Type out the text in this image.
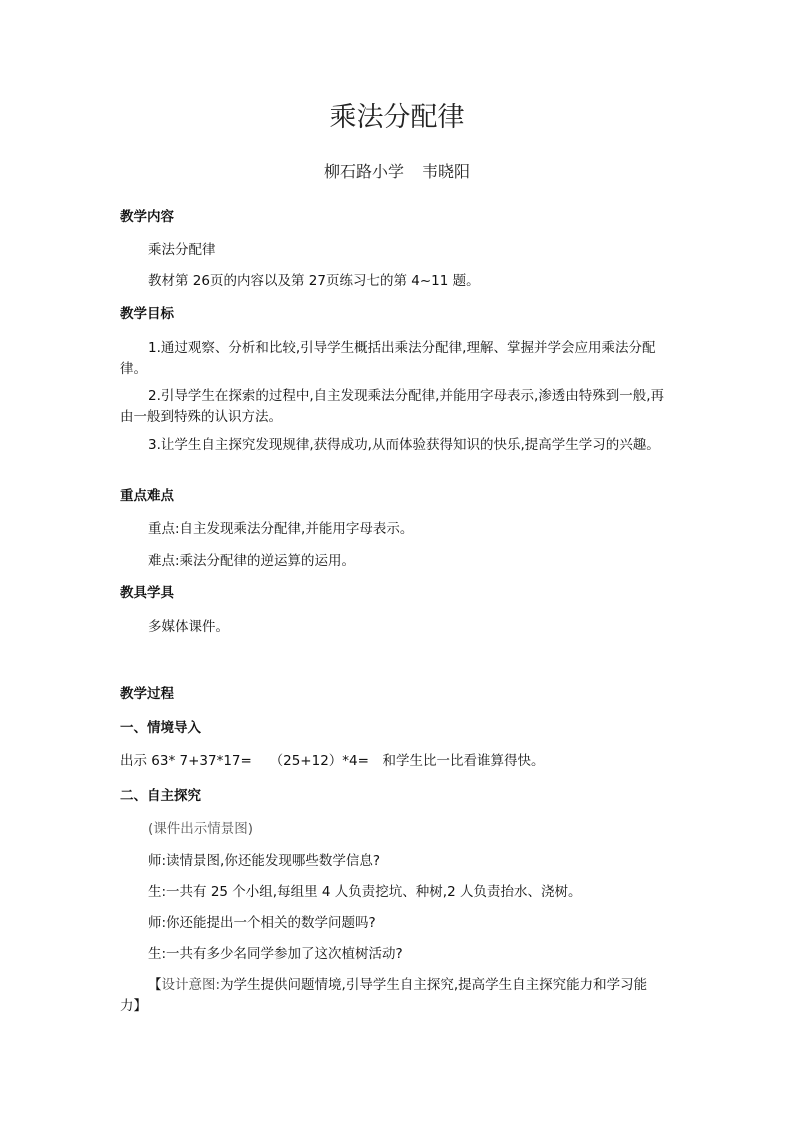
乘法分配律
柳石路小学 韦晓阳
教学内容
乘法分配律
教材第 26页的内容以及第 27页练习七的第 4~11 题。
教学目标
1.通过观察、分析和比较,引导学生概括出乘法分配律,理解、掌握并学会应用乘法分配律。
2.引导学生在探索的过程中,自主发现乘法分配律,并能用字母表示,渗透由特殊到一般,再由一般到特殊的认识方法。
3.让学生自主探究发现规律,获得成功,从而体验获得知识的快乐,提高学生学习的兴趣。
重点难点
重点:自主发现乘法分配律,并能用字母表示。
难点:乘法分配律的逆运算的运用。
教具学具
多媒体课件。
教学过程
一、情境导入
出示 63* 7+37*17=　 （25+12）*4=　和学生比一比看谁算得快。
二、自主探究
(课件出示情景图)
师:读情景图,你还能发现哪些数学信息?
生:一共有 25 个小组,每组里 4 人负责挖坑、种树,2 人负责抬水、浇树。
师:你还能提出一个相关的数学问题吗?
生:一共有多少名同学参加了这次植树活动?
【设计意图:为学生提供问题情境,引导学生自主探究,提高学生自主探究能力和学习能力】
